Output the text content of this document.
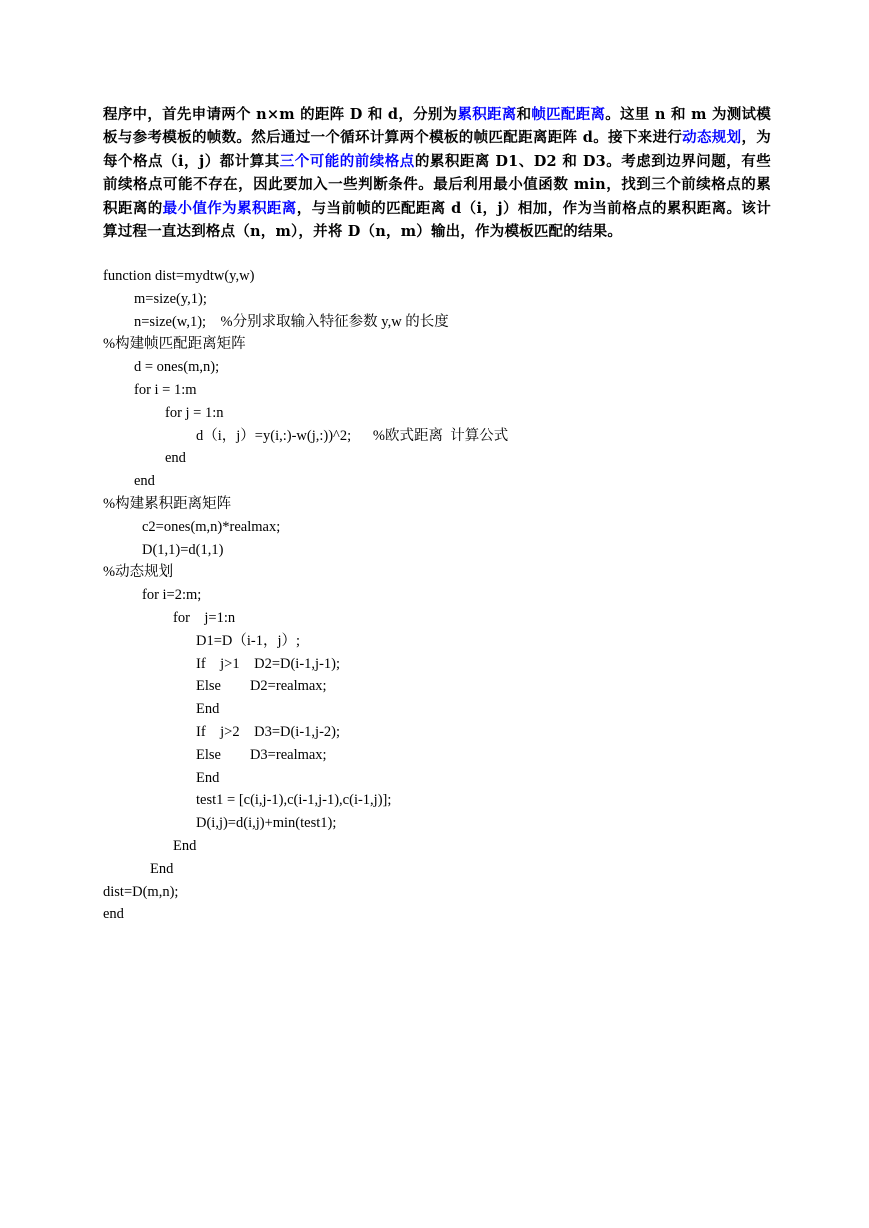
程序中，首先申请两个 n×m 的距阵 D 和 d，分别为累积距离和帧匹配距离。这里 n 和 m 为测试模板与参考模板的帧数。然后通过一个循环计算两个模板的帧匹配距离距阵 d。接下来进行动态规划，为每个格点（i，j）都计算其三个可能的前续格点的累积距离 D1、D2 和 D3。考虑到边界问题，有些前续格点可能不存在，因此要加入一些判断条件。最后利用最小值函数 min，找到三个前续格点的累积距离的最小值作为累积距离，与当前帧的匹配距离 d（i，j）相加，作为当前格点的累积距离。该计算过程一直达到格点（n，m），并将 D（n，m）输出，作为模板匹配的结果。
function dist=mydtw(y,w)
m=size(y,1);
n=size(w,1);    %分别求取输入特征参数 y,w 的长度
%构建帧匹配距离矩阵
d = ones(m,n);
for i = 1:m
for j = 1:n
d（i，j）=y(i,:)-w(j,:))^2;      %欧式距离  计算公式
end
end
%构建累积距离矩阵
c2=ones(m,n)*realmax;
D(1,1)=d(1,1)
%动态规划
for i=2:m;
for    j=1:n
D1=D（i-1，j）;
If    j>1    D2=D(i-1,j-1);
Else        D2=realmax;
End
If    j>2    D3=D(i-1,j-2);
Else        D3=realmax;
End
test1 = [c(i,j-1),c(i-1,j-1),c(i-1,j)];
D(i,j)=d(i,j)+min(test1);
End
End
dist=D(m,n);
end
